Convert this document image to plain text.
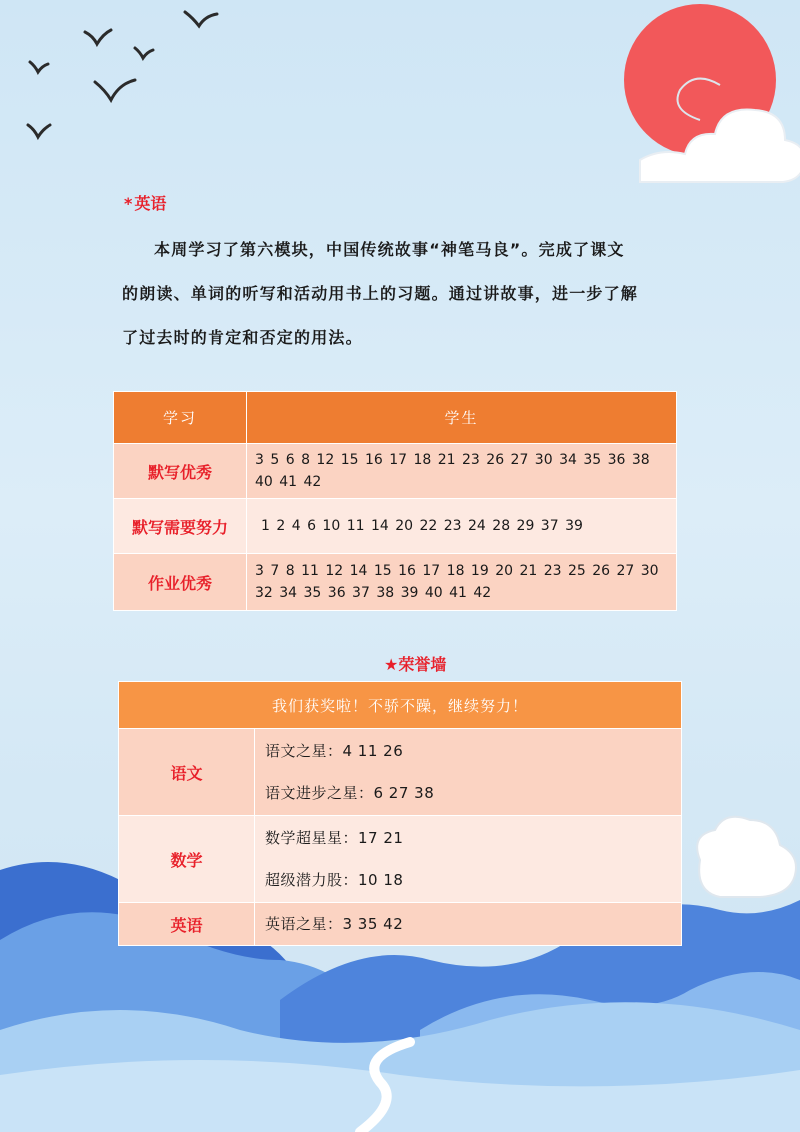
* 英语

本周学习了第六模块，中国传统故事“神笔马良”。完成了课文

的朗读、单词的听写和活动用书上的习题。通过讲故事，进一步了解

了过去时的肯定和否定的用法。

学习	学生
默写优秀	3 5 6 8 12 15 16 17 18 21 23 26 27 30 34 35 36 38 40 41 42
默写需要努力	1 2 4 6 10 11 14 20 22 23 24 28 29 37 39
作业优秀	3 7 8 11 12 14 15 16 17 18 19 20 21 23 25 26 27 30 32 34 35 36 37 38 39 40 41 42
★荣誉墙
我们获奖啦！不骄不躁，继续努力！	
语文	语文之星：4 11 26
语文进步之星：6 27 38

数学	数学超星星：17 21
超级潜力股：10 18

英语	英语之星：3 35 42
